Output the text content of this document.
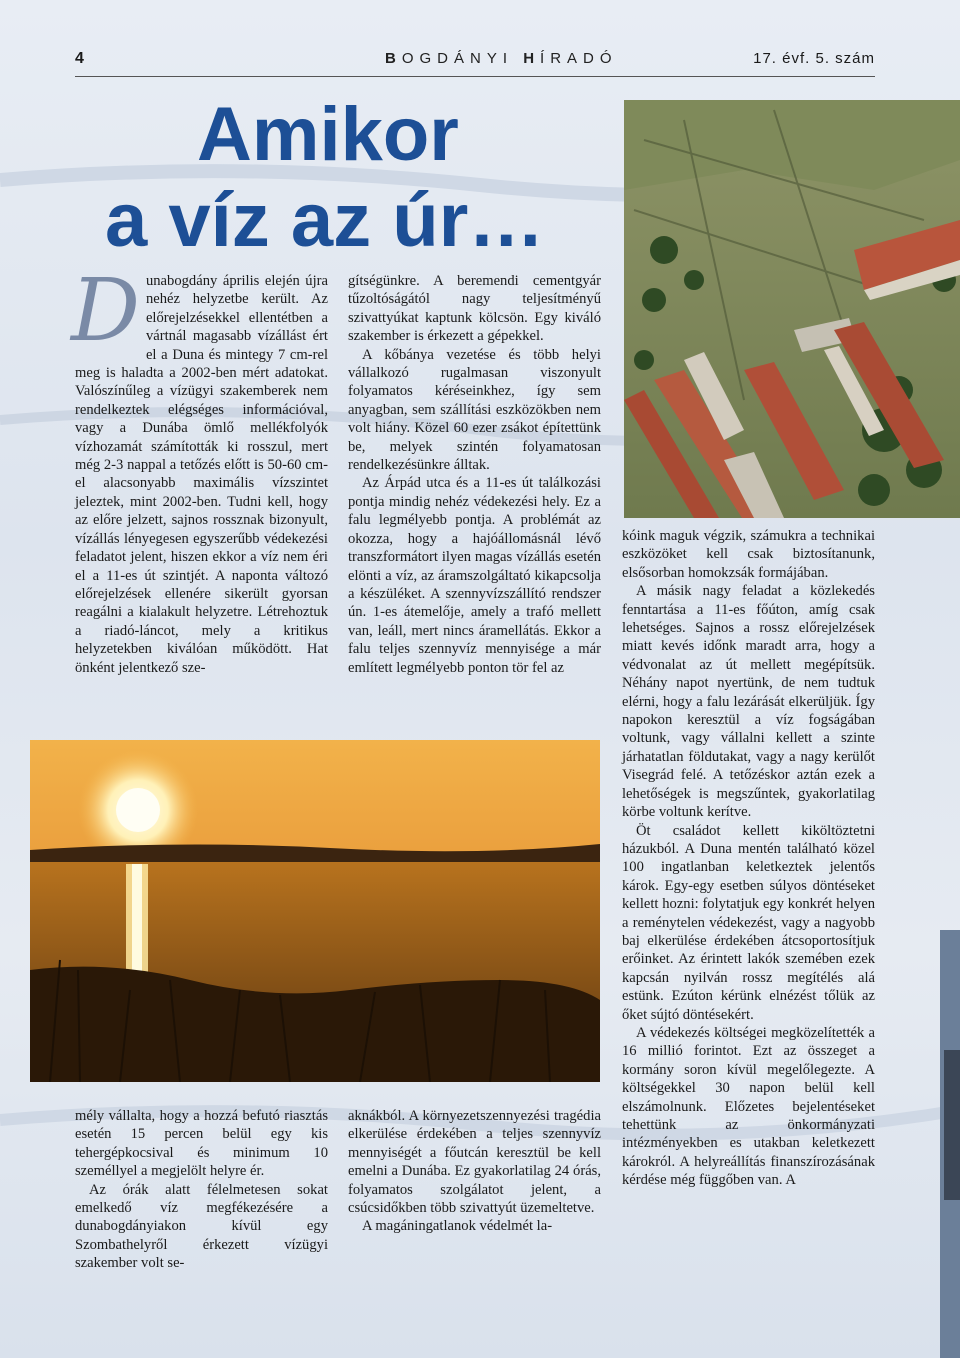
4	BOGDÁNYI HÍRADÓ	17. évf. 5. szám
Amikor
a víz az úr…
D unabogdány április elején újra nehéz helyzetbe került. Az előrejelzésekkel ellentétben a vártnál magasabb vízállást ért el a Duna és mintegy 7 cm-rel meg is haladta a 2002-ben mért adatokat. Valószínűleg a vízügyi szakemberek nem rendelkeztek elégséges információval, vagy a Dunába ömlő mellékfolyók vízhozamát számították ki rosszul, mert még 2-3 nappal a tetőzés előtt is 50-60 cm-el alacsonyabb maximális vízszintet jeleztek, mint 2002-ben. Tudni kell, hogy az előre jelzett, sajnos rossznak bizonyult, vízállás lényegesen egyszerűbb védekezési feladatot jelent, hiszen ekkor a víz nem éri el a 11-es út szintjét. A naponta változó előrejelzések ellenére sikerült gyorsan reagálni a kialakult helyzetre. Létrehoztuk a riadó-láncot, mely a kritikus helyzetekben kiválóan működött. Hat önként jelentkező sze-

gítségünkre. A beremendi cementgyár tűzoltóságától nagy teljesítményű szivattyúkat kaptunk kölcsön. Egy kiváló szakember is érkezett a gépekkel.

A kőbánya vezetése és több helyi vállalkozó rugalmasan viszonyult folyamatos kéréseinkhez, így sem anyagban, sem szállítási eszközökben nem volt hiány. Közel 60 ezer zsákot építettünk be, melyek szintén folyamatosan rendelkezésünkre álltak.

Az Árpád utca és a 11-es út találkozási pontja mindig nehéz védekezési hely. Ez a falu legmélyebb pontja. A problémát az okozza, hogy a hajóállomásnál lévő transzformátort ilyen magas vízállás esetén elönti a víz, az áramszolgáltató kikapcsolja a készüléket. A szennyvízszállító rendszer ún. 1-es átemelője, amely a trafó mellett van, leáll, mert nincs áramellátás. Ekkor a falu teljes szennyvíz mennyisége a már említett legmélyebb ponton tör fel az

mély vállalta, hogy a hozzá befutó riasztás esetén 15 percen belül egy kis tehergépkocsival és minimum 10 személlyel a megjelölt helyre ér.

Az órák alatt félelmetesen sokat emelkedő víz megfékezésére a dunabogdányiakon kívül egy Szombathelyről érkezett vízügyi szakember volt se-

aknákból. A környezetszennyezési tragédia elkerülése érdekében a teljes szennyvíz mennyiségét a főutcán keresztül be kell emelni a Dunába. Ez gyakorlatilag 24 órás, folyamatos szolgálatot jelent, a csúcsidőkben több szivattyút üzemeltetve.

A magáningatlanok védelmét la-

kóink maguk végzik, számukra a technikai eszközöket kell csak biztosítanunk, elsősorban homokzsák formájában.

A másik nagy feladat a közlekedés fenntartása a 11-es főúton, amíg csak lehetséges. Sajnos a rossz előrejelzések miatt kevés időnk maradt arra, hogy a védvonalat az út mellett megépítsük. Néhány napot nyertünk, de nem tudtuk elérni, hogy a falu lezárását elkerüljük. Így napokon keresztül a víz fogságában voltunk, vagy vállalni kellett a szinte járhatatlan földutakat, vagy a nagy kerülőt Visegrád felé. A tetőzéskor aztán ezek a lehetőségek is megszűntek, gyakorlatilag körbe voltunk kerítve.

Öt családot kellett kiköltöztetni házukból. A Duna mentén található közel 100 ingatlanban keletkeztek jelentős károk. Egy-egy esetben súlyos döntéseket kellett hozni: folytatjuk egy konkrét helyen a reménytelen védekezést, vagy a nagyobb baj elkerülése érdekében átcsoportosítjuk erőinket. Az érintett lakók szemében ezek kapcsán nyilván rossz megítélés alá estünk. Ezúton kérünk elnézést tőlük az őket sújtó döntésekért.

A védekezés költségei megközelítették a 16 millió forintot. Ezt az összeget a kormány soron kívül megelőlegezte. A költségekkel 30 napon belül kell elszámolnunk. Előzetes bejelentéseket tehettünk az önkormányzati intézményekben es utakban keletkezett károkról. A helyreállítás finanszírozásának kérdése még függőben van. A
